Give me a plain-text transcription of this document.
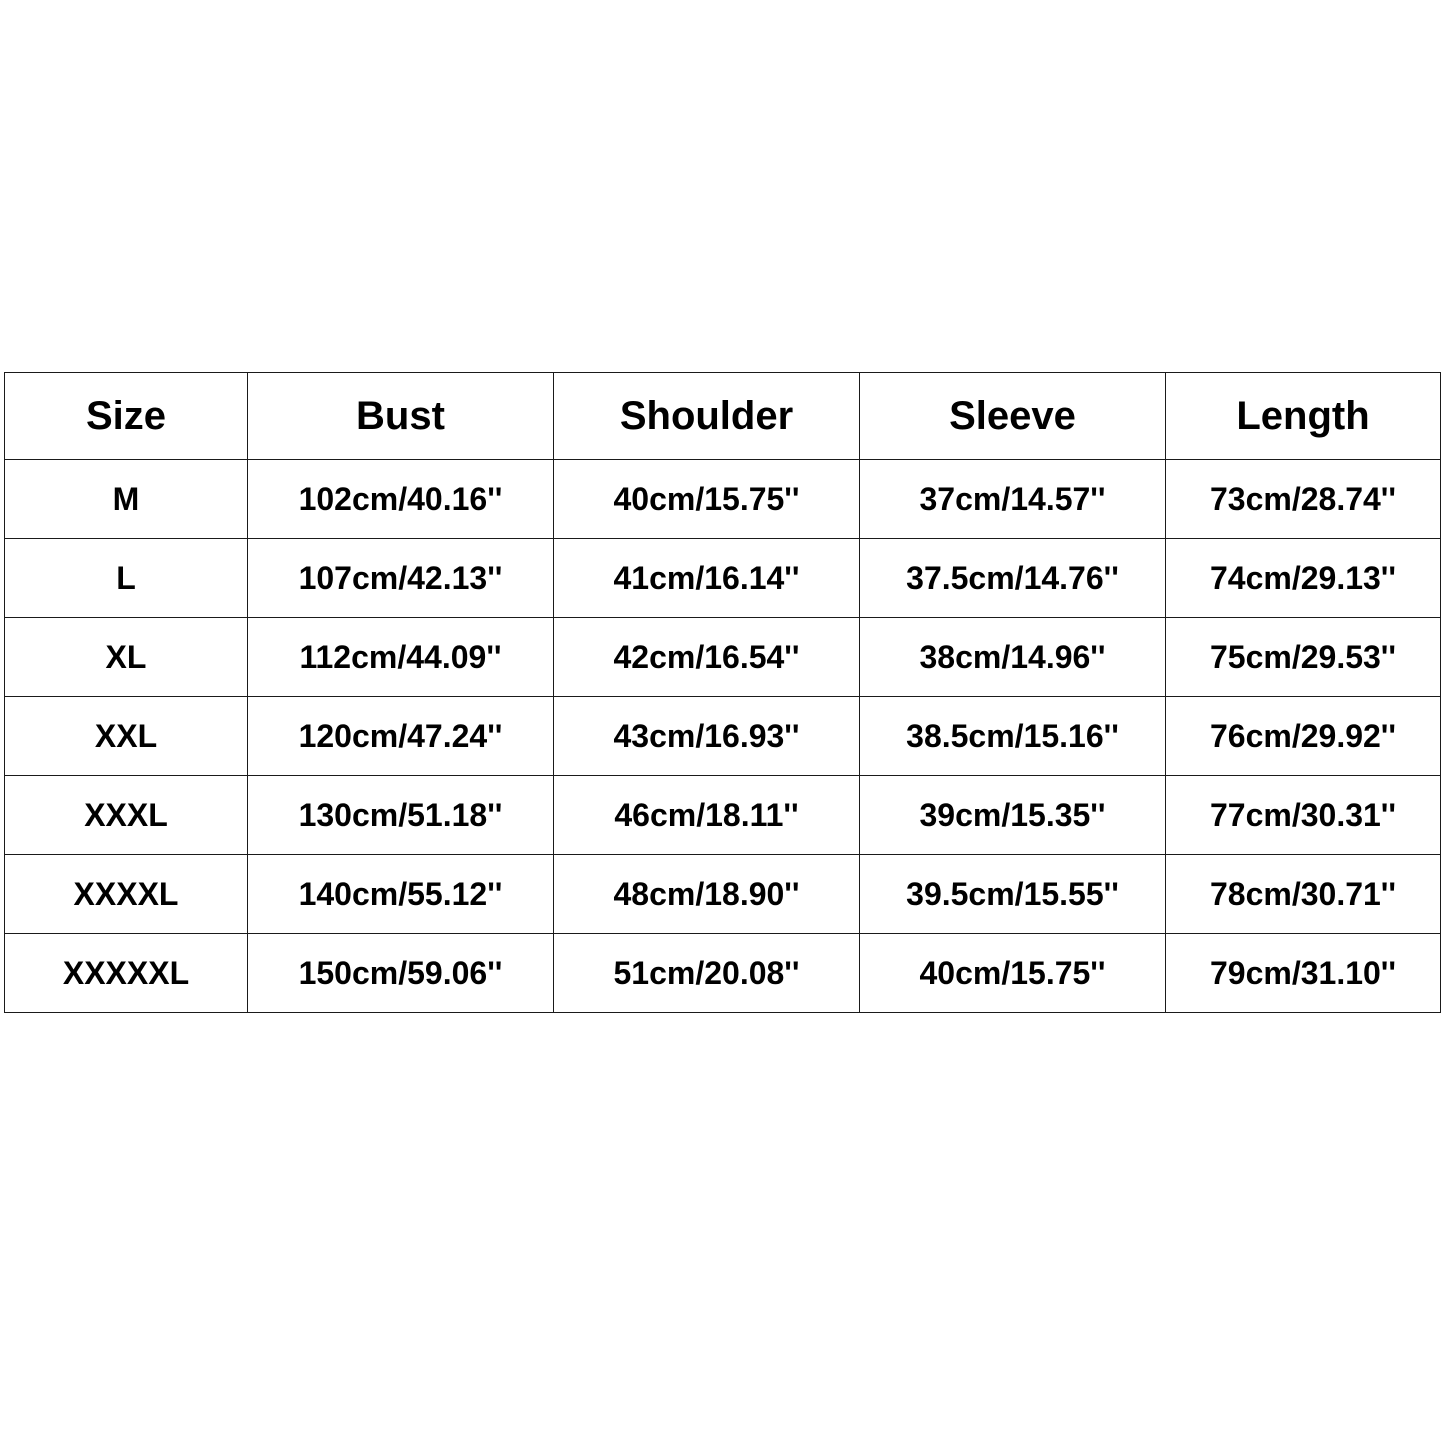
Size	Bust	Shoulder	Sleeve	Length
M	102cm/40.16''	40cm/15.75''	37cm/14.57''	73cm/28.74''
L	107cm/42.13''	41cm/16.14''	37.5cm/14.76''	74cm/29.13''
XL	112cm/44.09''	42cm/16.54''	38cm/14.96''	75cm/29.53''
XXL	120cm/47.24''	43cm/16.93''	38.5cm/15.16''	76cm/29.92''
XXXL	130cm/51.18''	46cm/18.11''	39cm/15.35''	77cm/30.31''
XXXXL	140cm/55.12''	48cm/18.90''	39.5cm/15.55''	78cm/30.71''
XXXXXL	150cm/59.06''	51cm/20.08''	40cm/15.75''	79cm/31.10''
